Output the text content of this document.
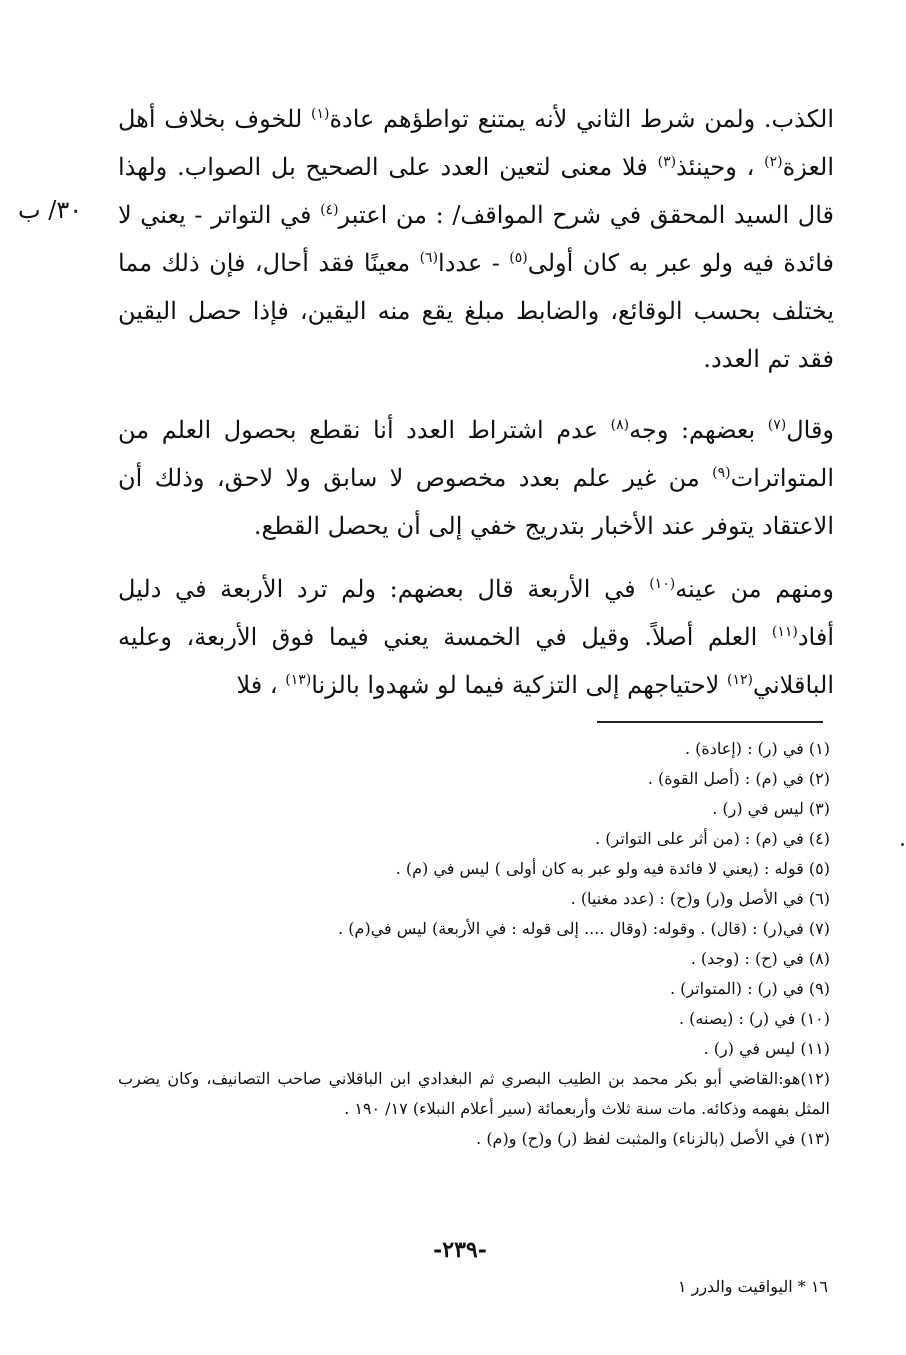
٣٠/ ب
الكذب. ولمن شرط الثاني لأنه يمتنع تواطؤهم عادة$^{(١)}$ للخوف بخلاف أهل العزة$^{(٢)}$ ، وحينئذ$^{(٣)}$ فلا معنى لتعين العدد على الصحيح بل الصواب. ولهذا قال السيد المحقق في شرح المواقف/ : من اعتبر$^{(٤)}$ في التواتر - يعني لا فائدة فيه ولو عبر به كان أولى$^{(٥)}$ - عددا$^{(٦)}$ معينًا فقد أحال، فإن ذلك مما يختلف بحسب الوقائع، والضابط مبلغ يقع منه اليقين، فإذا حصل اليقين فقد تم العدد.
وقال$^{(٧)}$ بعضهم: وجه$^{(٨)}$ عدم اشتراط العدد أنا نقطع بحصول العلم من المتواترات$^{(٩)}$ من غير علم بعدد مخصوص لا سابق ولا لاحق، وذلك أن الاعتقاد يتوفر عند الأخبار بتدريج خفي إلى أن يحصل القطع.
ومنهم من عينه$^{(١٠)}$ في الأربعة قال بعضهم: ولم ترد الأربعة في دليل أفاد$^{(١١)}$ العلم أصلاً. وقيل في الخمسة يعني فيما فوق الأربعة، وعليه الباقلاني$^{(١٢)}$ لاحتياجهم إلى التزكية فيما لو شهدوا بالزنا$^{(١٣)}$ ، فلا
(١) في (ر) : (إعادة) .
(٢) في (م) : (أصل القوة) .
(٣) ليس في (ر) .
(٤) في (م) : (من أثر على التواتر) .
(٥) قوله : (يعني لا فائدة فيه ولو عبر به كان أولى ) ليس في (م) .
(٦) في الأصل و(ر) و(ح) : (عدد مغنيا) .
(٧) في(ر) : (قال) . وقوله: (وقال .... إلى قوله : في الأربعة) ليس في(م) .
(٨) في (ح) : (وجد) .
(٩) في (ر) : (المتواتر) .
(١٠) في (ر) : (يصنه) .
(١١) ليس في (ر) .
(١٢)هو:القاضي أبو بكر محمد بن الطيب البصري ثم البغدادي ابن الباقلاني صاحب التصانيف، وكان يضرب المثل بفهمه وذكائه. مات سنة ثلاث وأربعمائة (سير أعلام النبلاء) ١٧/ ١٩٠ .
(١٣) في الأصل (بالزناء) والمثبت لفظ (ر) و(ح) و(م) .
-٢٣٩-
١٦ * اليواقيت والدرر ١
